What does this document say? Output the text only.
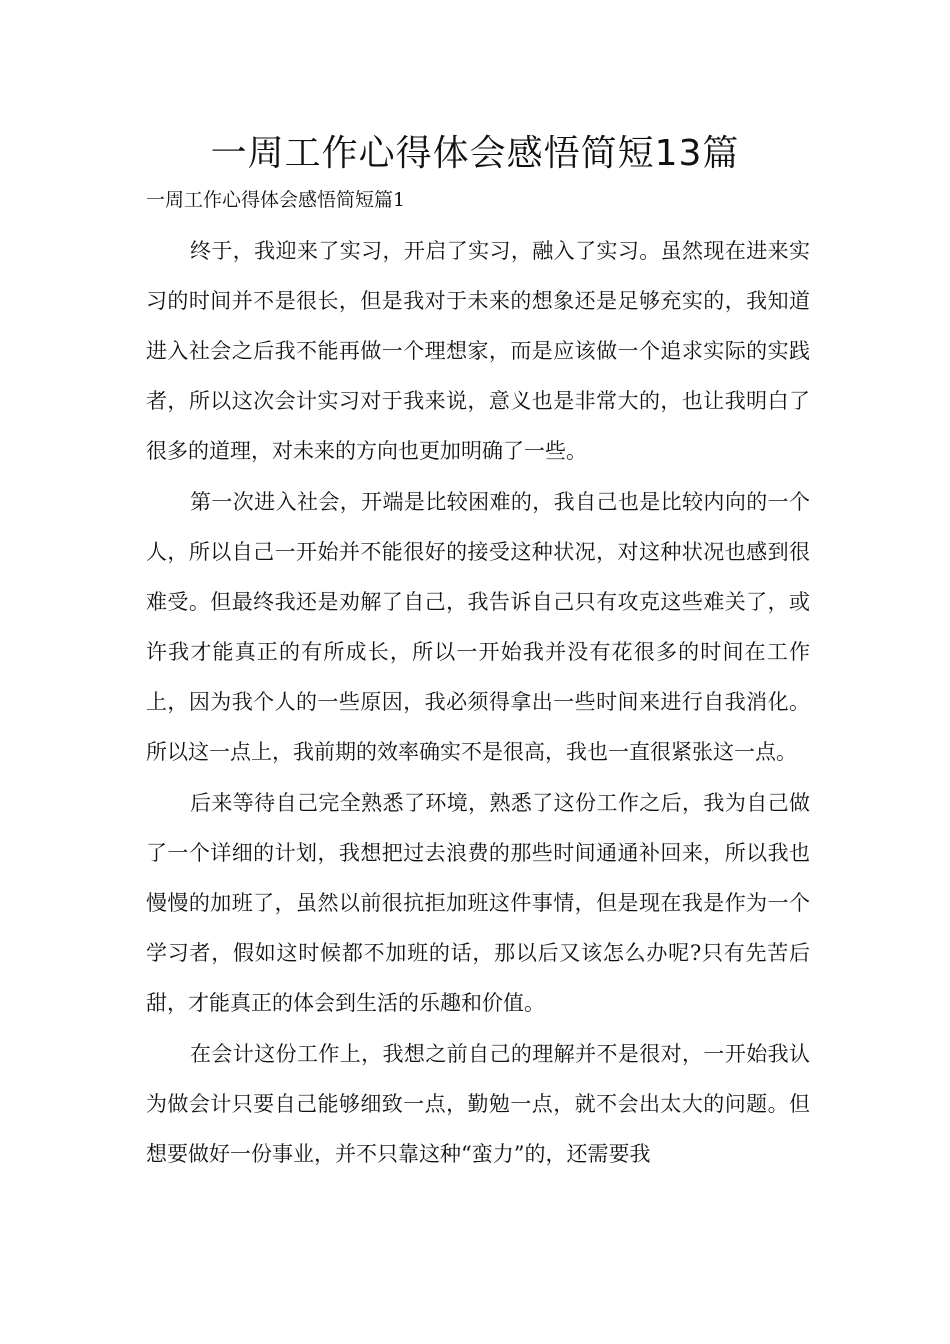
一周工作心得体会感悟简短13篇

一周工作心得体会感悟简短篇1

终于，我迎来了实习，开启了实习，融入了实习。虽然现在进来实习的时间并不是很长，但是我对于未来的想象还是足够充实的，我知道进入社会之后我不能再做一个理想家，而是应该做一个追求实际的实践者，所以这次会计实习对于我来说，意义也是非常大的，也让我明白了很多的道理，对未来的方向也更加明确了一些。

第一次进入社会，开端是比较困难的，我自己也是比较内向的一个人，所以自己一开始并不能很好的接受这种状况，对这种状况也感到很难受。但最终我还是劝解了自己，我告诉自己只有攻克这些难关了，或许我才能真正的有所成长，所以一开始我并没有花很多的时间在工作上，因为我个人的一些原因，我必须得拿出一些时间来进行自我消化。所以这一点上，我前期的效率确实不是很高，我也一直很紧张这一点。

后来等待自己完全熟悉了环境，熟悉了这份工作之后，我为自己做了一个详细的计划，我想把过去浪费的那些时间通通补回来，所以我也慢慢的加班了，虽然以前很抗拒加班这件事情，但是现在我是作为一个学习者，假如这时候都不加班的话，那以后又该怎么办呢?只有先苦后甜，才能真正的体会到生活的乐趣和价值。

在会计这份工作上，我想之前自己的理解并不是很对，一开始我认为做会计只要自己能够细致一点，勤勉一点，就不会出太大的问题。但想要做好一份事业，并不只靠这种“蛮力”的，还需要我
